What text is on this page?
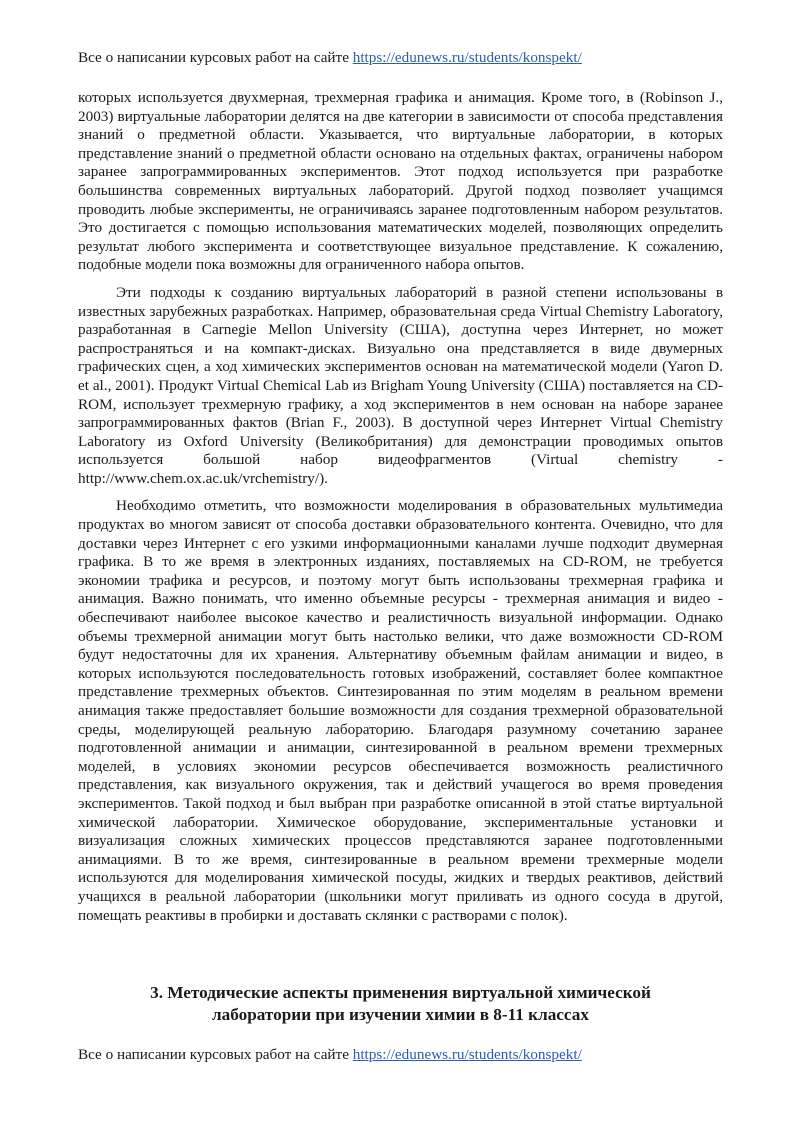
Все о написании курсовых работ на сайте https://edunews.ru/students/konspekt/

которых используется двухмерная, трехмерная графика и анимация. Кроме того, в (Robinson J., 2003) виртуальные лаборатории делятся на две категории в зависимости от способа представления знаний о предметной области. Указывается, что виртуальные лаборатории, в которых представление знаний о предметной области основано на отдельных фактах, ограничены набором заранее запрограммированных экспериментов. Этот подход используется при разработке большинства современных виртуальных лабораторий. Другой подход позволяет учащимся проводить любые эксперименты, не ограничиваясь заранее подготовленным набором результатов. Это достигается с помощью использования математических моделей, позволяющих определить результат любого эксперимента и соответствующее визуальное представление. К сожалению, подобные модели пока возможны для ограниченного набора опытов.

Эти подходы к созданию виртуальных лабораторий в разной степени использованы в известных зарубежных разработках. Например, образовательная среда Virtual Chemistry Laboratory, разработанная в Carnegie Mellon University (США), доступна через Интернет, но может распространяться и на компакт-дисках. Визуально она представляется в виде двумерных графических сцен, а ход химических экспериментов основан на математической модели (Yaron D. et al., 2001). Продукт Virtual Chemical Lab из Brigham Young University (США) поставляется на CD-ROM, использует трехмерную графику, а ход экспериментов в нем основан на наборе заранее запрограммированных фактов (Brian F., 2003). В доступной через Интернет Virtual Chemistry Laboratory из Oxford University (Великобритания) для демонстрации проводимых опытов используется большой набор видеофрагментов (Virtual chemistry - http://www.chem.ox.ac.uk/vrchemistry/).

Необходимо отметить, что возможности моделирования в образовательных мультимедиа продуктах во многом зависят от способа доставки образовательного контента. Очевидно, что для доставки через Интернет с его узкими информационными каналами лучше подходит двумерная графика. В то же время в электронных изданиях, поставляемых на CD-ROM, не требуется экономии трафика и ресурсов, и поэтому могут быть использованы трехмерная графика и анимация. Важно понимать, что именно объемные ресурсы - трехмерная анимация и видео - обеспечивают наиболее высокое качество и реалистичность визуальной информации. Однако объемы трехмерной анимации могут быть настолько велики, что даже возможности CD-ROM будут недостаточны для их хранения. Альтернативу объемным файлам анимации и видео, в которых используются последовательность готовых изображений, составляет более компактное представление трехмерных объектов. Синтезированная по этим моделям в реальном времени анимация также предоставляет большие возможности для создания трехмерной образовательной среды, моделирующей реальную лабораторию. Благодаря разумному сочетанию заранее подготовленной анимации и анимации, синтезированной в реальном времени трехмерных моделей, в условиях экономии ресурсов обеспечивается возможность реалистичного представления, как визуального окружения, так и действий учащегося во время проведения экспериментов. Такой подход и был выбран при разработке описанной в этой статье виртуальной химической лаборатории. Химическое оборудование, экспериментальные установки и визуализация сложных химических процессов представляются заранее подготовленными анимациями. В то же время, синтезированные в реальном времени трехмерные модели используются для моделирования химической посуды, жидких и твердых реактивов, действий учащихся в реальной лаборатории (школьники могут приливать из одного сосуда в другой, помещать реактивы в пробирки и доставать склянки с растворами с полок).

3. Методические аспекты применения виртуальной химической
лаборатории при изучении химии в 8-11 классах
Все о написании курсовых работ на сайте https://edunews.ru/students/konspekt/
